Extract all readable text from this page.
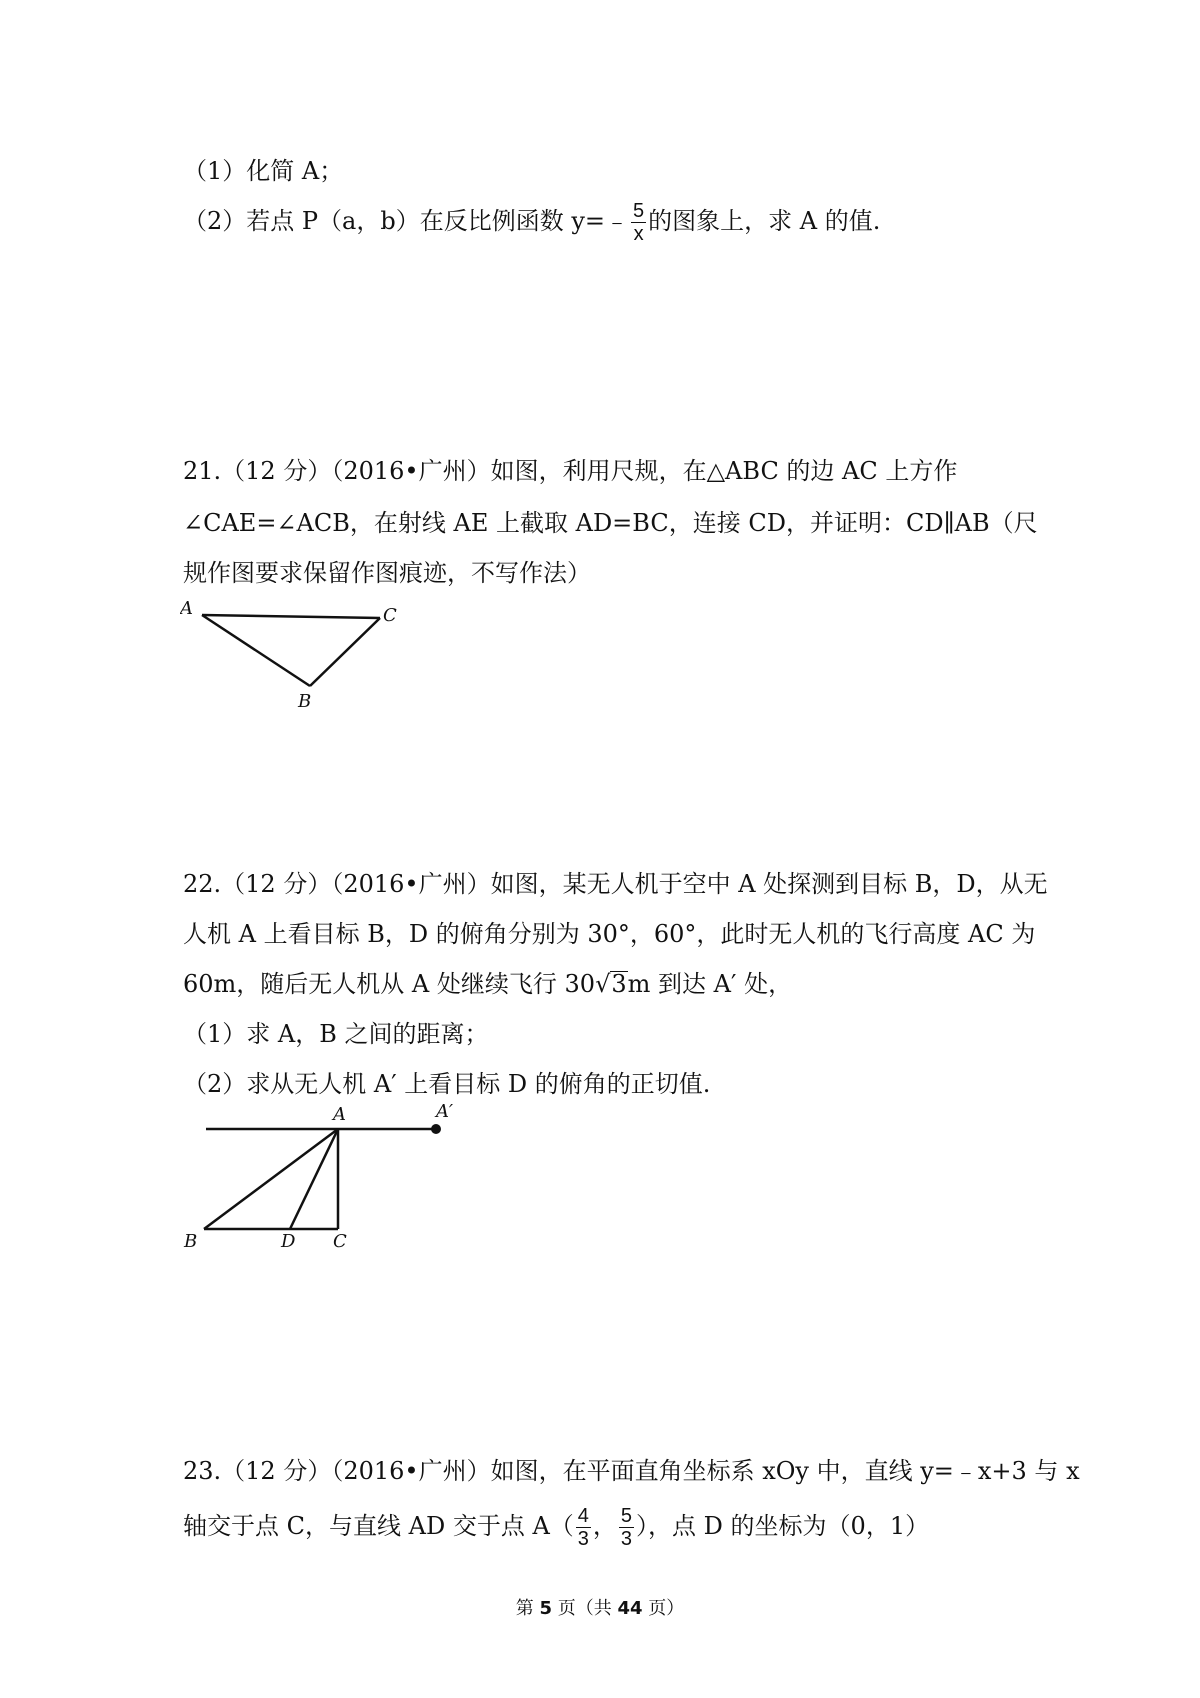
（1）化简 A；
（2）若点 P（a，b）在反比例函数 y=﹣ $\frac{5}{x}$ 的图象上，求 A 的值.
21.（12 分）（2016•广州）如图，利用尺规，在△ABC 的边 AC 上方作
∠CAE=∠ACB，在射线 AE 上截取 AD=BC，连接 CD，并证明：CD∥AB（尺
规作图要求保留作图痕迹，不写作法）
A	C
B
22.（12 分）（2016•广州）如图，某无人机于空中 A 处探测到目标 B，D，从无
人机 A 上看目标 B，D 的俯角分别为 30°，60°，此时无人机的飞行高度 AC 为
60m，随后无人机从 A 处继续飞行 30√3m 到达 A′ 处，
（1）求 A，B 之间的距离；
（2）求从无人机 A′ 上看目标 D 的俯角的正切值.
A	A′
B	D C
23.（12 分）（2016•广州）如图，在平面直角坐标系 xOy 中，直线 y=﹣x+3 与 x
轴交于点 C，与直线 AD 交于点 $A( \frac{4}{3}$ ， $\frac{5}{3}$ ），点 D 的坐标为（0，1）
第 5 页（共 44 页）
